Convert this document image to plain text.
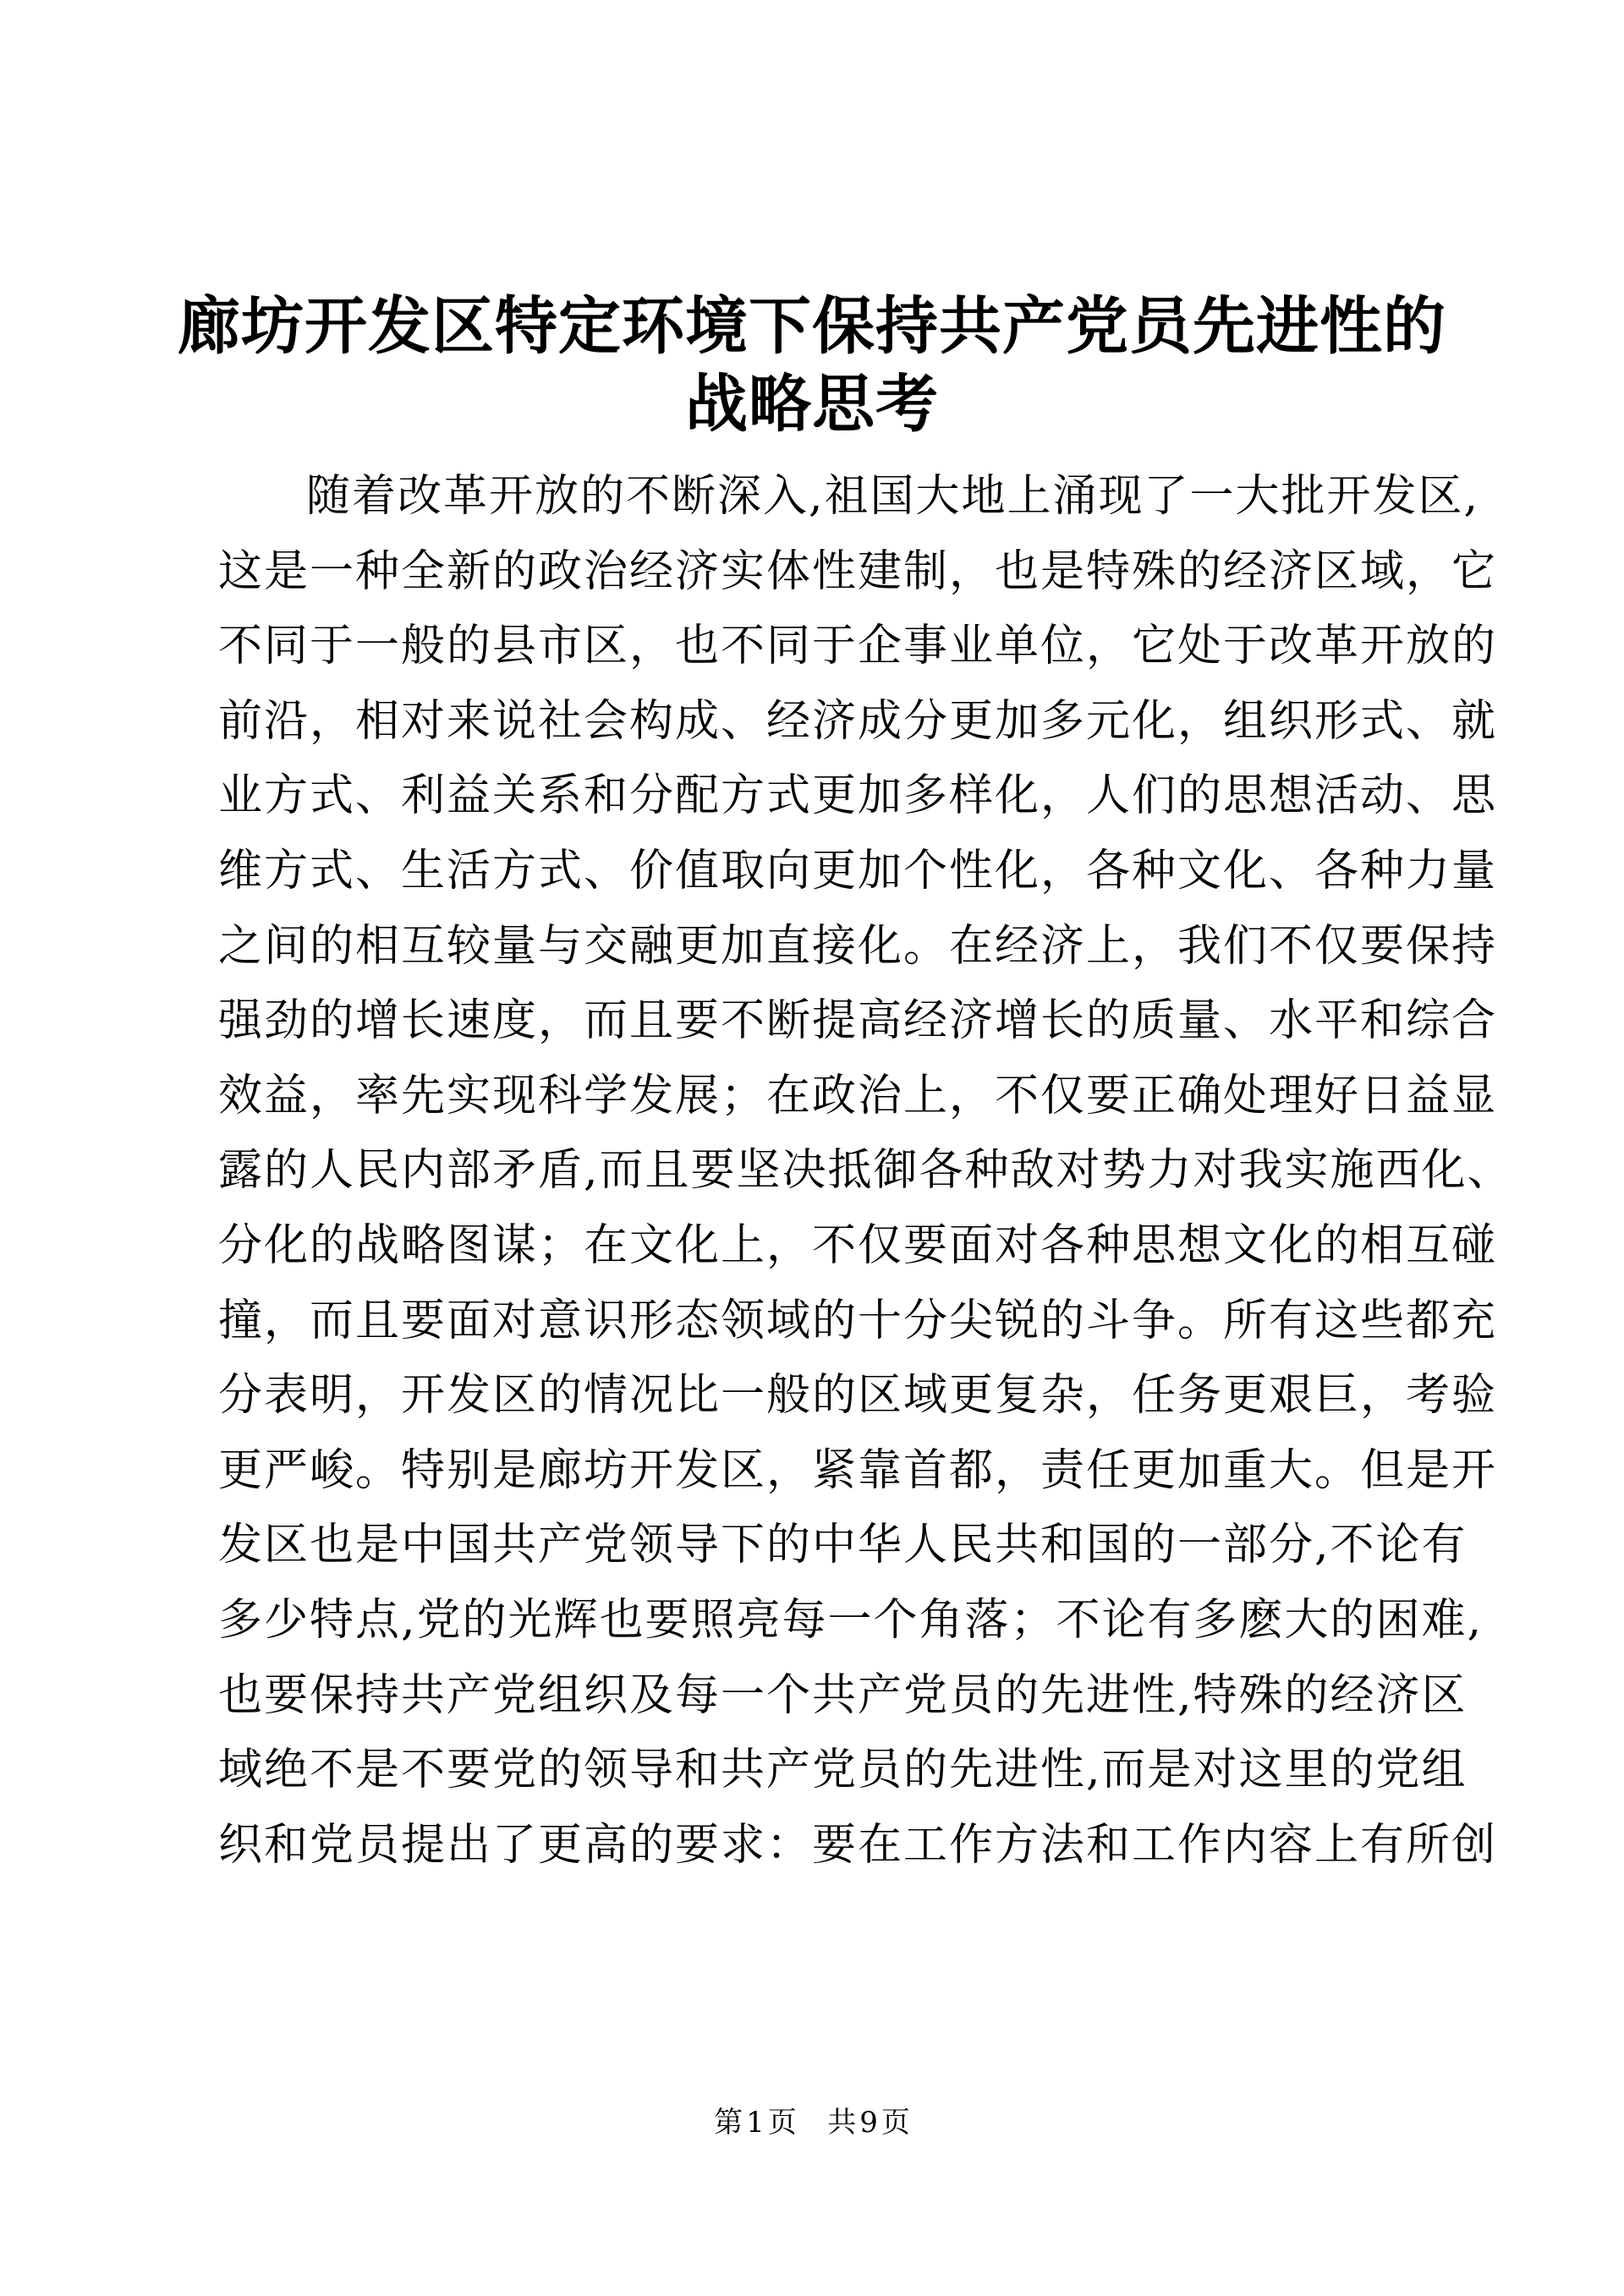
廊坊开发区特定环境下保持共产党员先进性的
战略思考
随着改革开放的不断深入,祖国大地上涌现了一大批开发区,
这是一种全新的政治经济实体性建制，也是特殊的经济区域，它
不同于一般的县市区，也不同于企事业单位，它处于改革开放的
前沿，相对来说社会构成、经济成分更加多元化，组织形式、就
业方式、利益关系和分配方式更加多样化，人们的思想活动、思
维方式、生活方式、价值取向更加个性化，各种文化、各种力量
之间的相互较量与交融更加直接化。在经济上，我们不仅要保持
强劲的增长速度，而且要不断提高经济增长的质量、水平和综合
效益，率先实现科学发展；在政治上，不仅要正确处理好日益显
露的人民内部矛盾,而且要坚决抵御各种敌对势力对我实施西化、
分化的战略图谋；在文化上，不仅要面对各种思想文化的相互碰
撞，而且要面对意识形态领域的十分尖锐的斗争。所有这些都充
分表明，开发区的情况比一般的区域更复杂，任务更艰巨，考验
更严峻。特别是廊坊开发区，紧靠首都，责任更加重大。但是开
发区也是中国共产党领导下的中华人民共和国的一部分,不论有
多少特点,党的光辉也要照亮每一个角落；不论有多麽大的困难,
也要保持共产党组织及每一个共产党员的先进性,特殊的经济区
域绝不是不要党的领导和共产党员的先进性,而是对这里的党组
织和党员提出了更高的要求：要在工作方法和工作内容上有所创
第 1 页 共 9 页
